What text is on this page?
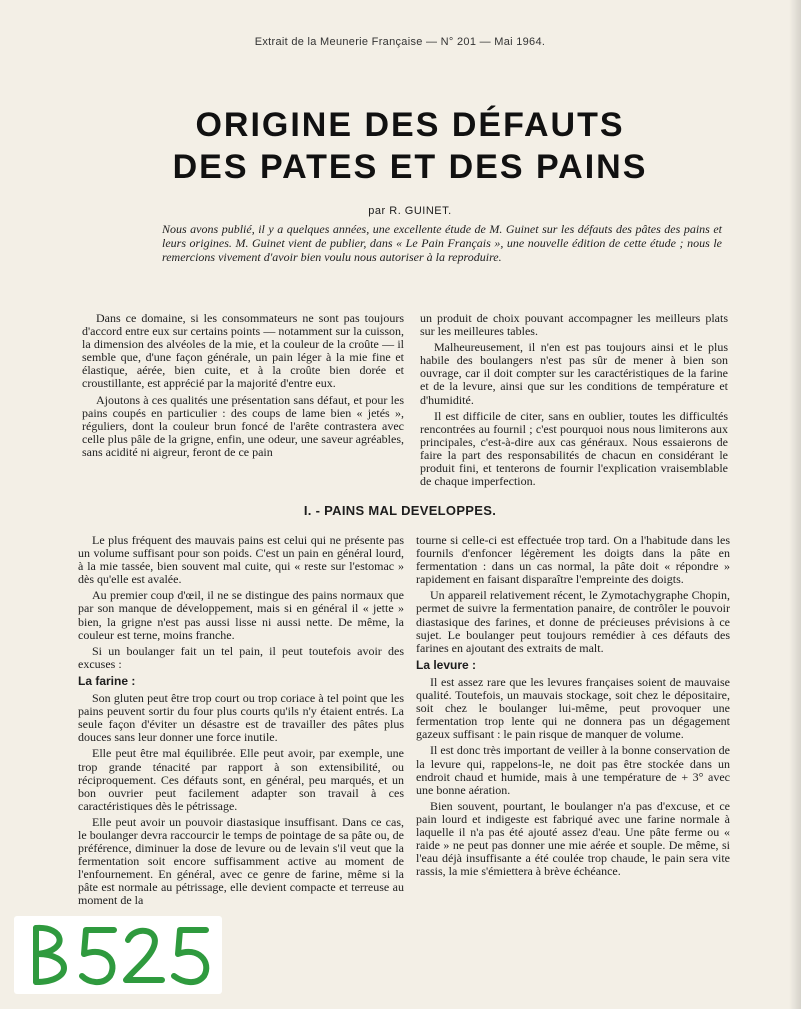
Extrait de la Meunerie Française — N° 201 — Mai 1964.
ORIGINE DES DÉFAUTS
DES PATES ET DES PAINS
par R. GUINET.
Nous avons publié, il y a quelques années, une excellente étude de M. Guinet sur les défauts des pâtes des pains et leurs origines. M. Guinet vient de publier, dans « Le Pain Français », une nouvelle édition de cette étude ; nous le remercions vivement d'avoir bien voulu nous autoriser à la reproduire.

Dans ce domaine, si les consommateurs ne sont pas toujours d'accord entre eux sur certains points — notamment sur la cuisson, la dimension des alvéoles de la mie, et la couleur de la croûte — il semble que, d'une façon générale, un pain léger à la mie fine et élastique, aérée, bien cuite, et à la croûte bien dorée et croustillante, est apprécié par la majorité d'entre eux.

Ajoutons à ces qualités une présentation sans défaut, et pour les pains coupés en particulier : des coups de lame bien « jetés », réguliers, dont la couleur brun foncé de l'arête contrastera avec celle plus pâle de la grigne, enfin, une odeur, une saveur agréables, sans acidité ni aigreur, feront de ce pain

un produit de choix pouvant accompagner les meilleurs plats sur les meilleures tables.

Malheureusement, il n'en est pas toujours ainsi et le plus habile des boulangers n'est pas sûr de mener à bien son ouvrage, car il doit compter sur les caractéristiques de la farine et de la levure, ainsi que sur les conditions de température et d'humidité.

Il est difficile de citer, sans en oublier, toutes les difficultés rencontrées au fournil ; c'est pourquoi nous nous limiterons aux principales, c'est-à-dire aux cas généraux. Nous essaierons de faire la part des responsabilités de chacun en considérant le produit fini, et tenterons de fournir l'explication vraisemblable de chaque imperfection.

I. - PAINS MAL DEVELOPPES.

Le plus fréquent des mauvais pains est celui qui ne présente pas un volume suffisant pour son poids. C'est un pain en général lourd, à la mie tassée, bien souvent mal cuite, qui « reste sur l'estomac » dès qu'elle est avalée.

Au premier coup d'œil, il ne se distingue des pains normaux que par son manque de développement, mais si en général il « jette » bien, la grigne n'est pas aussi lisse ni aussi nette. De même, la couleur est terne, moins franche.

Si un boulanger fait un tel pain, il peut toutefois avoir des excuses :

La farine :

Son gluten peut être trop court ou trop coriace à tel point que les pains peuvent sortir du four plus courts qu'ils n'y étaient entrés. La seule façon d'éviter un désastre est de travailler des pâtes plus douces sans leur donner une force inutile.

Elle peut être mal équilibrée. Elle peut avoir, par exemple, une trop grande ténacité par rapport à son extensibilité, ou réciproquement. Ces défauts sont, en général, peu marqués, et un bon ouvrier peut facilement adapter son travail à ces caractéristiques dès le pétrissage.

Elle peut avoir un pouvoir diastasique insuffisant. Dans ce cas, le boulanger devra raccourcir le temps de pointage de sa pâte ou, de préférence, diminuer la dose de levure ou de levain s'il veut que la fermentation soit encore suffisamment active au moment de l'enfournement. En général, avec ce genre de farine, même si la pâte est normale au pétrissage, elle devient compacte et terreuse au moment de la

tourne si celle-ci est effectuée trop tard. On a l'habitude dans les fournils d'enfoncer légèrement les doigts dans la pâte en fermentation : dans un cas normal, la pâte doit « répondre » rapidement en faisant disparaître l'empreinte des doigts.

Un appareil relativement récent, le Zymotachygraphe Chopin, permet de suivre la fermentation panaire, de contrôler le pouvoir diastasique des farines, et donne de précieuses prévisions à ce sujet. Le boulanger peut toujours remédier à ces défauts des farines en ajoutant des extraits de malt.

La levure :

Il est assez rare que les levures françaises soient de mauvaise qualité. Toutefois, un mauvais stockage, soit chez le dépositaire, soit chez le boulanger lui-même, peut provoquer une fermentation trop lente qui ne donnera pas un dégagement gazeux suffisant : le pain risque de manquer de volume.

Il est donc très important de veiller à la bonne conservation de la levure qui, rappelons-le, ne doit pas être stockée dans un endroit chaud et humide, mais à une température de + 3° avec une bonne aération.

Bien souvent, pourtant, le boulanger n'a pas d'excuse, et ce pain lourd et indigeste est fabriqué avec une farine normale à laquelle il n'a pas été ajouté assez d'eau. Une pâte ferme ou « raide » ne peut pas donner une mie aérée et souple. De même, si l'eau déjà insuffisante a été coulée trop chaude, le pain sera vite rassis, la mie s'émiettera à brève échéance.
